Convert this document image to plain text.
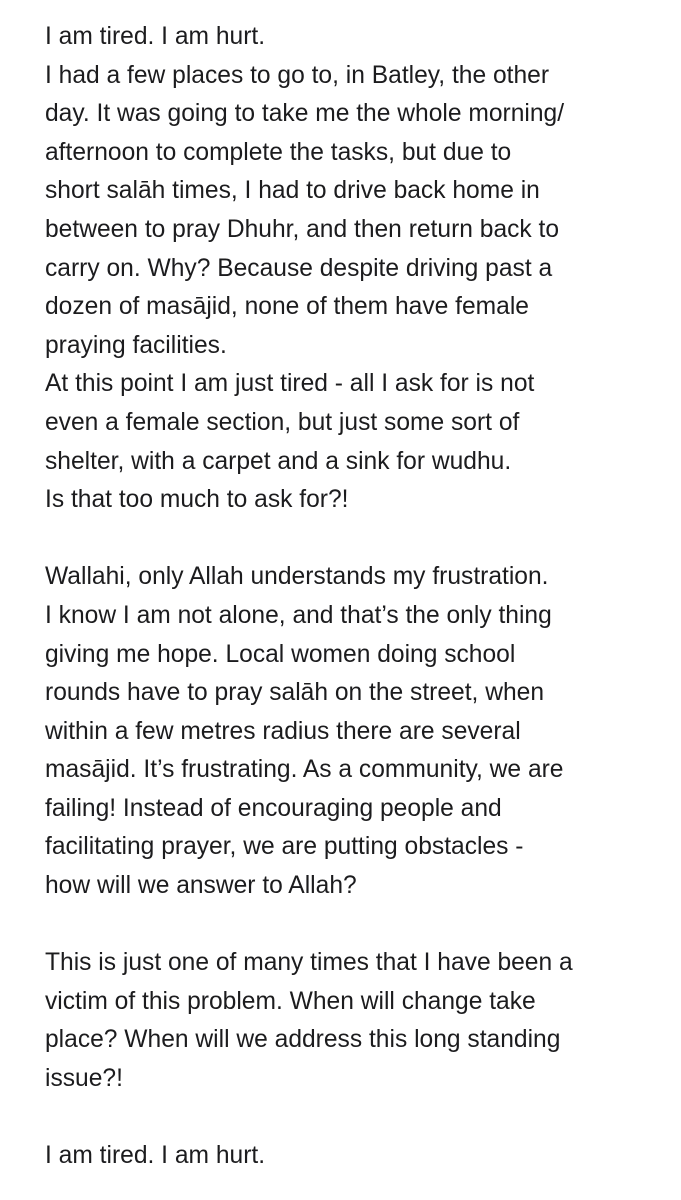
I am tired. I am hurt.
I had a few places to go to, in Batley, the other
day. It was going to take me the whole morning/
afternoon to complete the tasks, but due to
short salāh times, I had to drive back home in
between to pray Dhuhr, and then return back to
carry on. Why? Because despite driving past a
dozen of masājid, none of them have female
praying facilities.
At this point I am just tired - all I ask for is not
even a female section, but just some sort of
shelter, with a carpet and a sink for wudhu.
Is that too much to ask for?!
Wallahi, only Allah understands my frustration.
I know I am not alone, and that’s the only thing
giving me hope. Local women doing school
rounds have to pray salāh on the street, when
within a few metres radius there are several
masājid. It’s frustrating. As a community, we are
failing! Instead of encouraging people and
facilitating prayer, we are putting obstacles -
how will we answer to Allah?
This is just one of many times that I have been a
victim of this problem. When will change take
place? When will we address this long standing
issue?!
I am tired. I am hurt.
